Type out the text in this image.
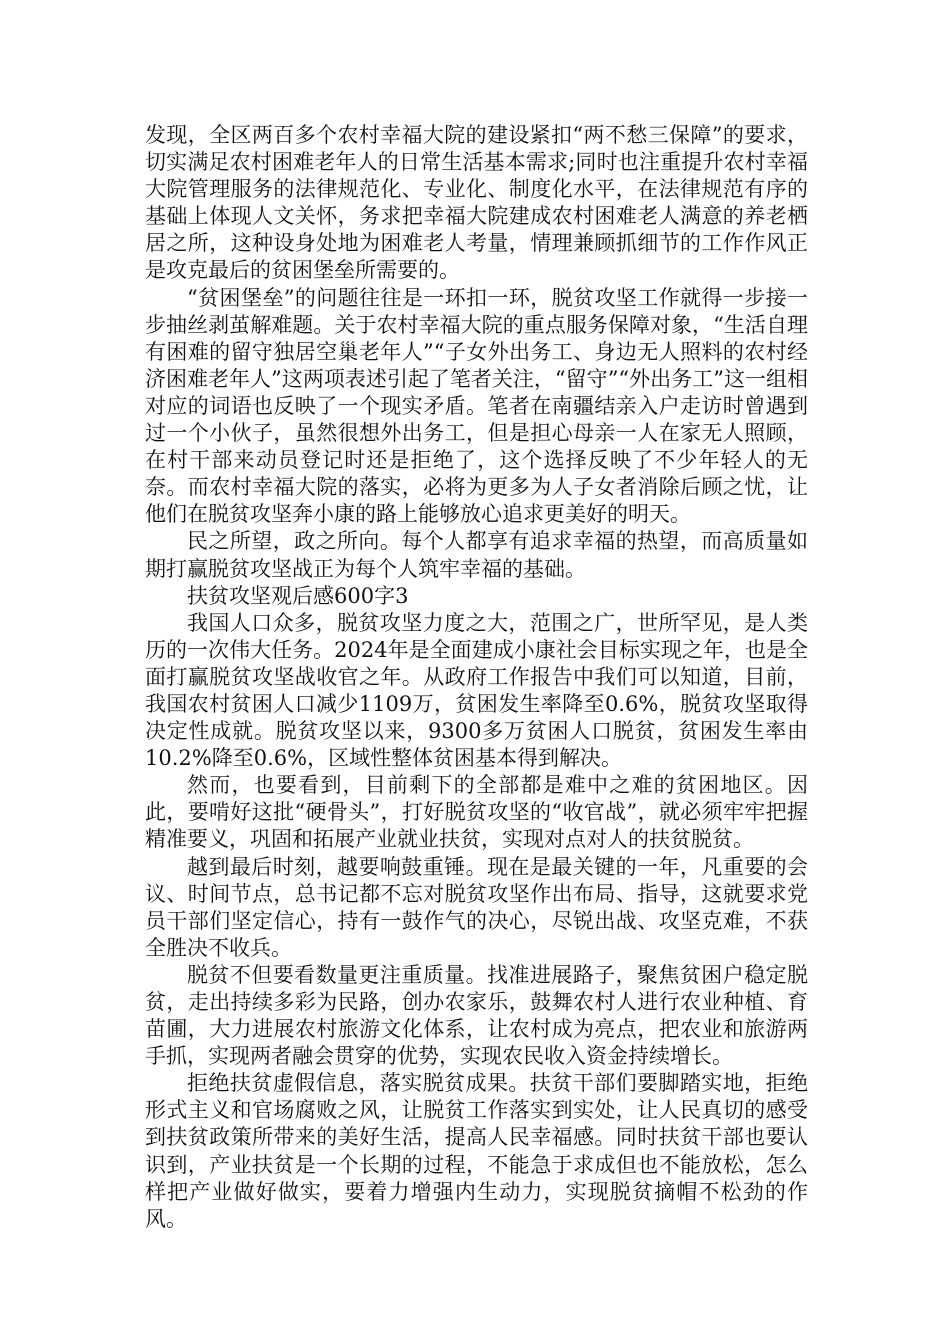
发现，全区两百多个农村幸福大院的建设紧扣“两不愁三保障”的要求，切实满足农村困难老年人的日常生活基本需求;同时也注重提升农村幸福大院管理服务的法律规范化、专业化、制度化水平，在法律规范有序的基础上体现人文关怀，务求把幸福大院建成农村困难老人满意的养老栖居之所，这种设身处地为困难老人考量，情理兼顾抓细节的工作作风正是攻克最后的贫困堡垒所需要的。

“贫困堡垒”的问题往往是一环扣一环，脱贫攻坚工作就得一步接一步抽丝剥茧解难题。关于农村幸福大院的重点服务保障对象，“生活自理有困难的留守独居空巢老年人”“子女外出务工、身边无人照料的农村经济困难老年人”这两项表述引起了笔者关注，“留守”“外出务工”这一组相对应的词语也反映了一个现实矛盾。笔者在南疆结亲入户走访时曾遇到过一个小伙子，虽然很想外出务工，但是担心母亲一人在家无人照顾，在村干部来动员登记时还是拒绝了，这个选择反映了不少年轻人的无奈。而农村幸福大院的落实，必将为更多为人子女者消除后顾之忧，让他们在脱贫攻坚奔小康的路上能够放心追求更美好的明天。

民之所望，政之所向。每个人都享有追求幸福的热望，而高质量如期打赢脱贫攻坚战正为每个人筑牢幸福的基础。

扶贫攻坚观后感600字3

我国人口众多，脱贫攻坚力度之大，范围之广，世所罕见，是人类历的一次伟大任务。2024年是全面建成小康社会目标实现之年，也是全面打赢脱贫攻坚战收官之年。从政府工作报告中我们可以知道，目前，我国农村贫困人口减少1109万，贫困发生率降至0.6%，脱贫攻坚取得决定性成就。脱贫攻坚以来，9300多万贫困人口脱贫，贫困发生率由10.2%降至0.6%，区域性整体贫困基本得到解决。

然而，也要看到，目前剩下的全部都是难中之难的贫困地区。因此，要啃好这批“硬骨头”，打好脱贫攻坚的“收官战”，就必须牢牢把握精准要义，巩固和拓展产业就业扶贫，实现对点对人的扶贫脱贫。

越到最后时刻，越要响鼓重锤。现在是最关键的一年，凡重要的会议、时间节点，总书记都不忘对脱贫攻坚作出布局、指导，这就要求党员干部们坚定信心，持有一鼓作气的决心，尽锐出战、攻坚克难，不获全胜决不收兵。

脱贫不但要看数量更注重质量。找准进展路子，聚焦贫困户稳定脱贫，走出持续多彩为民路，创办农家乐，鼓舞农村人进行农业种植、育苗圃，大力进展农村旅游文化体系，让农村成为亮点，把农业和旅游两手抓，实现两者融会贯穿的优势，实现农民收入资金持续增长。

拒绝扶贫虚假信息，落实脱贫成果。扶贫干部们要脚踏实地，拒绝形式主义和官场腐败之风，让脱贫工作落实到实处，让人民真切的感受到扶贫政策所带来的美好生活，提高人民幸福感。同时扶贫干部也要认识到，产业扶贫是一个长期的过程，不能急于求成但也不能放松，怎么样把产业做好做实，要着力增强内生动力，实现脱贫摘帽不松劲的作风。
